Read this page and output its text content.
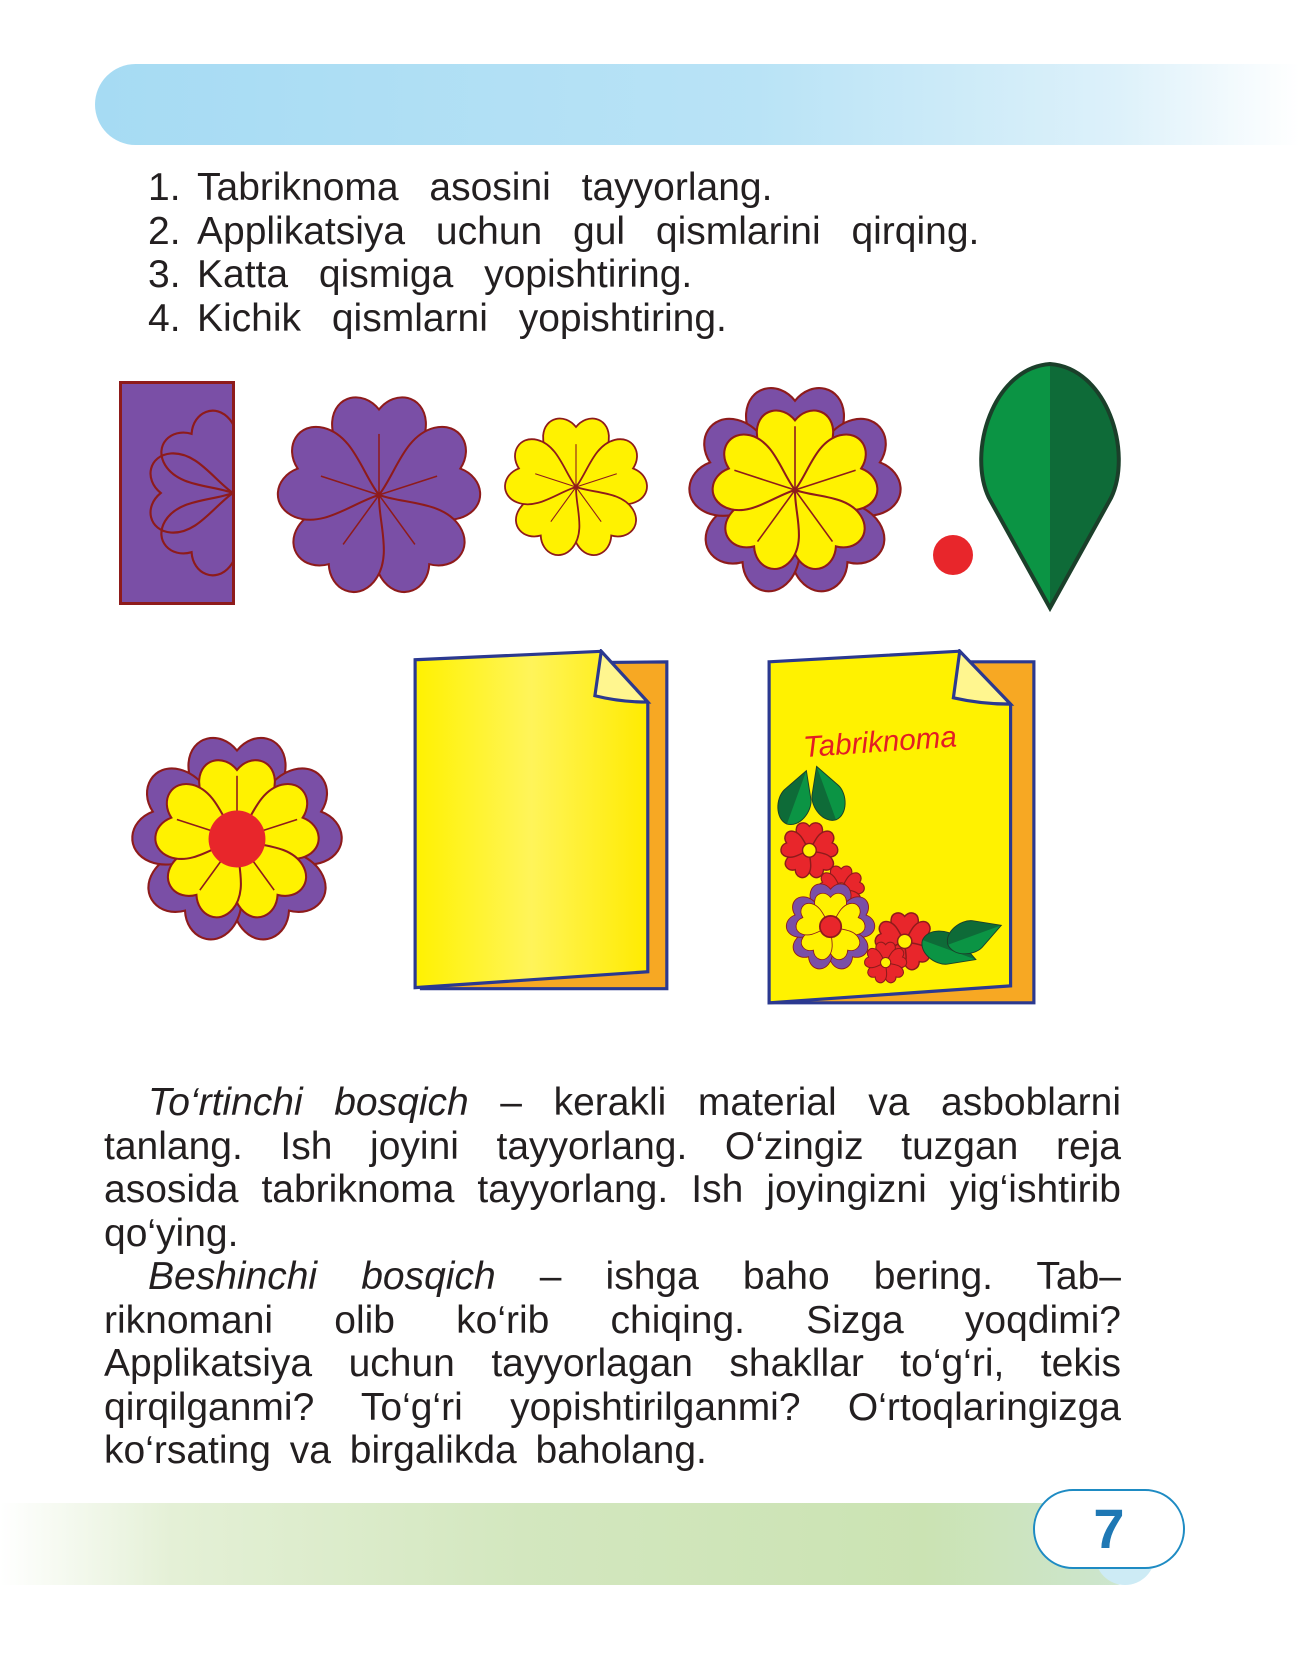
1. Tabriknoma asosini tayyorlang.
2. Applikatsiya uchun gul qismlarini qirqing.
3. Katta qismiga yopishtiring.
4. Kichik qismlarni yopishtiring.
Tabriknoma
To‘rtinchi bosqich – kerakli material va asboblarni
tanlang. Ish joyini tayyorlang. O‘zingiz tuzgan reja
asosida tabriknoma tayyorlang. Ish joyingizni yig‘ishtirib
qo‘ying.
Beshinchi bosqich – ishga baho bering. Tab–
riknomani olib ko‘rib chiqing. Sizga yoqdimi?
Applikatsiya uchun tayyorlagan shakllar to‘g‘ri, tekis
qirqilganmi? To‘g‘ri yopishtirilganmi? O‘rtoqlaringizga
ko‘rsating va birgalikda baholang.
7
